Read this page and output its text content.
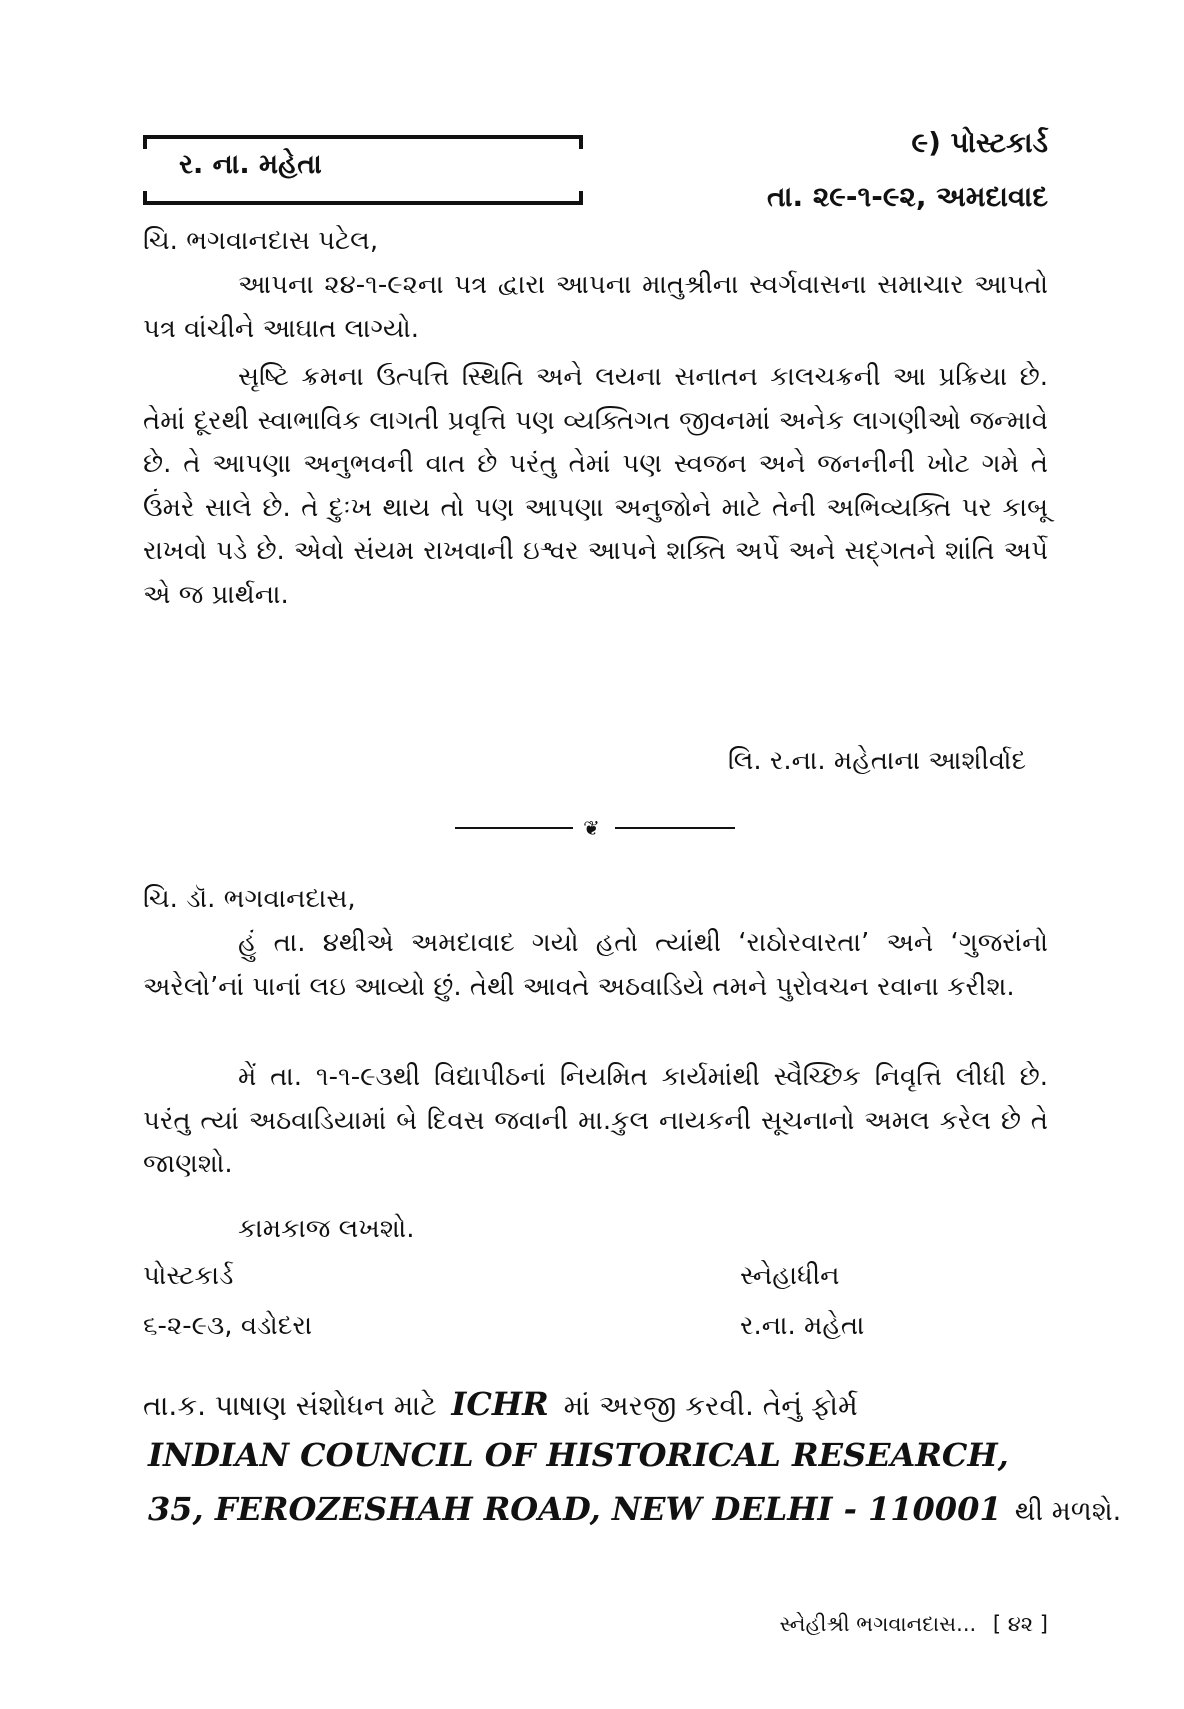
ર. ના. મહેતા
૯) પોસ્ટકાર્ડ
તા. ૨૯-૧-૯૨, અમદાવાદ
ચિ. ભગવાનદાસ પટેલ,

આપના ૨૪-૧-૯૨ના પત્ર દ્વારા આપના માતુશ્રીના સ્વર્ગવાસના સમાચાર આપતો પત્ર વાંચીને આઘાત લાગ્યો.

સૃષ્ટિ ક્રમના ઉત્પત્તિ સ્થિતિ અને લયના સનાતન કાલચક્રની આ પ્રક્રિયા છે. તેમાં દૂરથી સ્વાભાવિક લાગતી પ્રવૃત્તિ પણ વ્યક્તિગત જીવનમાં અનેક લાગણીઓ જન્માવે છે. તે આપણા અનુભવની વાત છે પરંતુ તેમાં પણ સ્વજન અને જનનીની ખોટ ગમે તે ઉંમરે સાલે છે. તે દુઃખ થાય તો પણ આપણા અનુજોને માટે તેની અભિવ્યક્તિ પર કાબૂ રાખવો પડે છે. એવો સંયમ રાખવાની ઇશ્વર આપને શક્તિ અર્પે અને સદ્ગતને શાંતિ અર્પે એ જ પ્રાર્થના.

લિ. ર.ના. મહેતાના આશીર્વાદ
❦
ચિ. ડૉ. ભગવાનદાસ,

હું તા. ૪થીએ અમદાવાદ ગયો હતો ત્યાંથી ‘રાઠોરવારતા’ અને ‘ગુજરાંનો અરેલો’નાં પાનાં લઇ આવ્યો છું. તેથી આવતે અઠવાડિયે તમને પુરોવચન રવાના કરીશ.

મેં તા. ૧-૧-૯૩થી વિદ્યાપીઠનાં નિયમિત કાર્યમાંથી સ્વૈચ્છિક નિવૃત્તિ લીધી છે. પરંતુ ત્યાં અઠવાડિયામાં બે દિવસ જવાની મા.કુલ નાયકની સૂચનાનો અમલ કરેલ છે તે જાણશો.

કામકાજ લખશો.
પોસ્ટકાર્ડ
૬-૨-૯૩, વડોદરા
સ્નેહાધીન
ર.ના. મહેતા
તા.ક. પાષાણ સંશોધન માટે ICHR માં અરજી કરવી. તેનું ફોર્મ
INDIAN COUNCIL OF HISTORICAL RESEARCH,
35, FEROZESHAH ROAD, NEW DELHI - 110001 થી મળશે.
સ્નેહીશ્રી ભગવાનદાસ... [ ૪૨ ]
